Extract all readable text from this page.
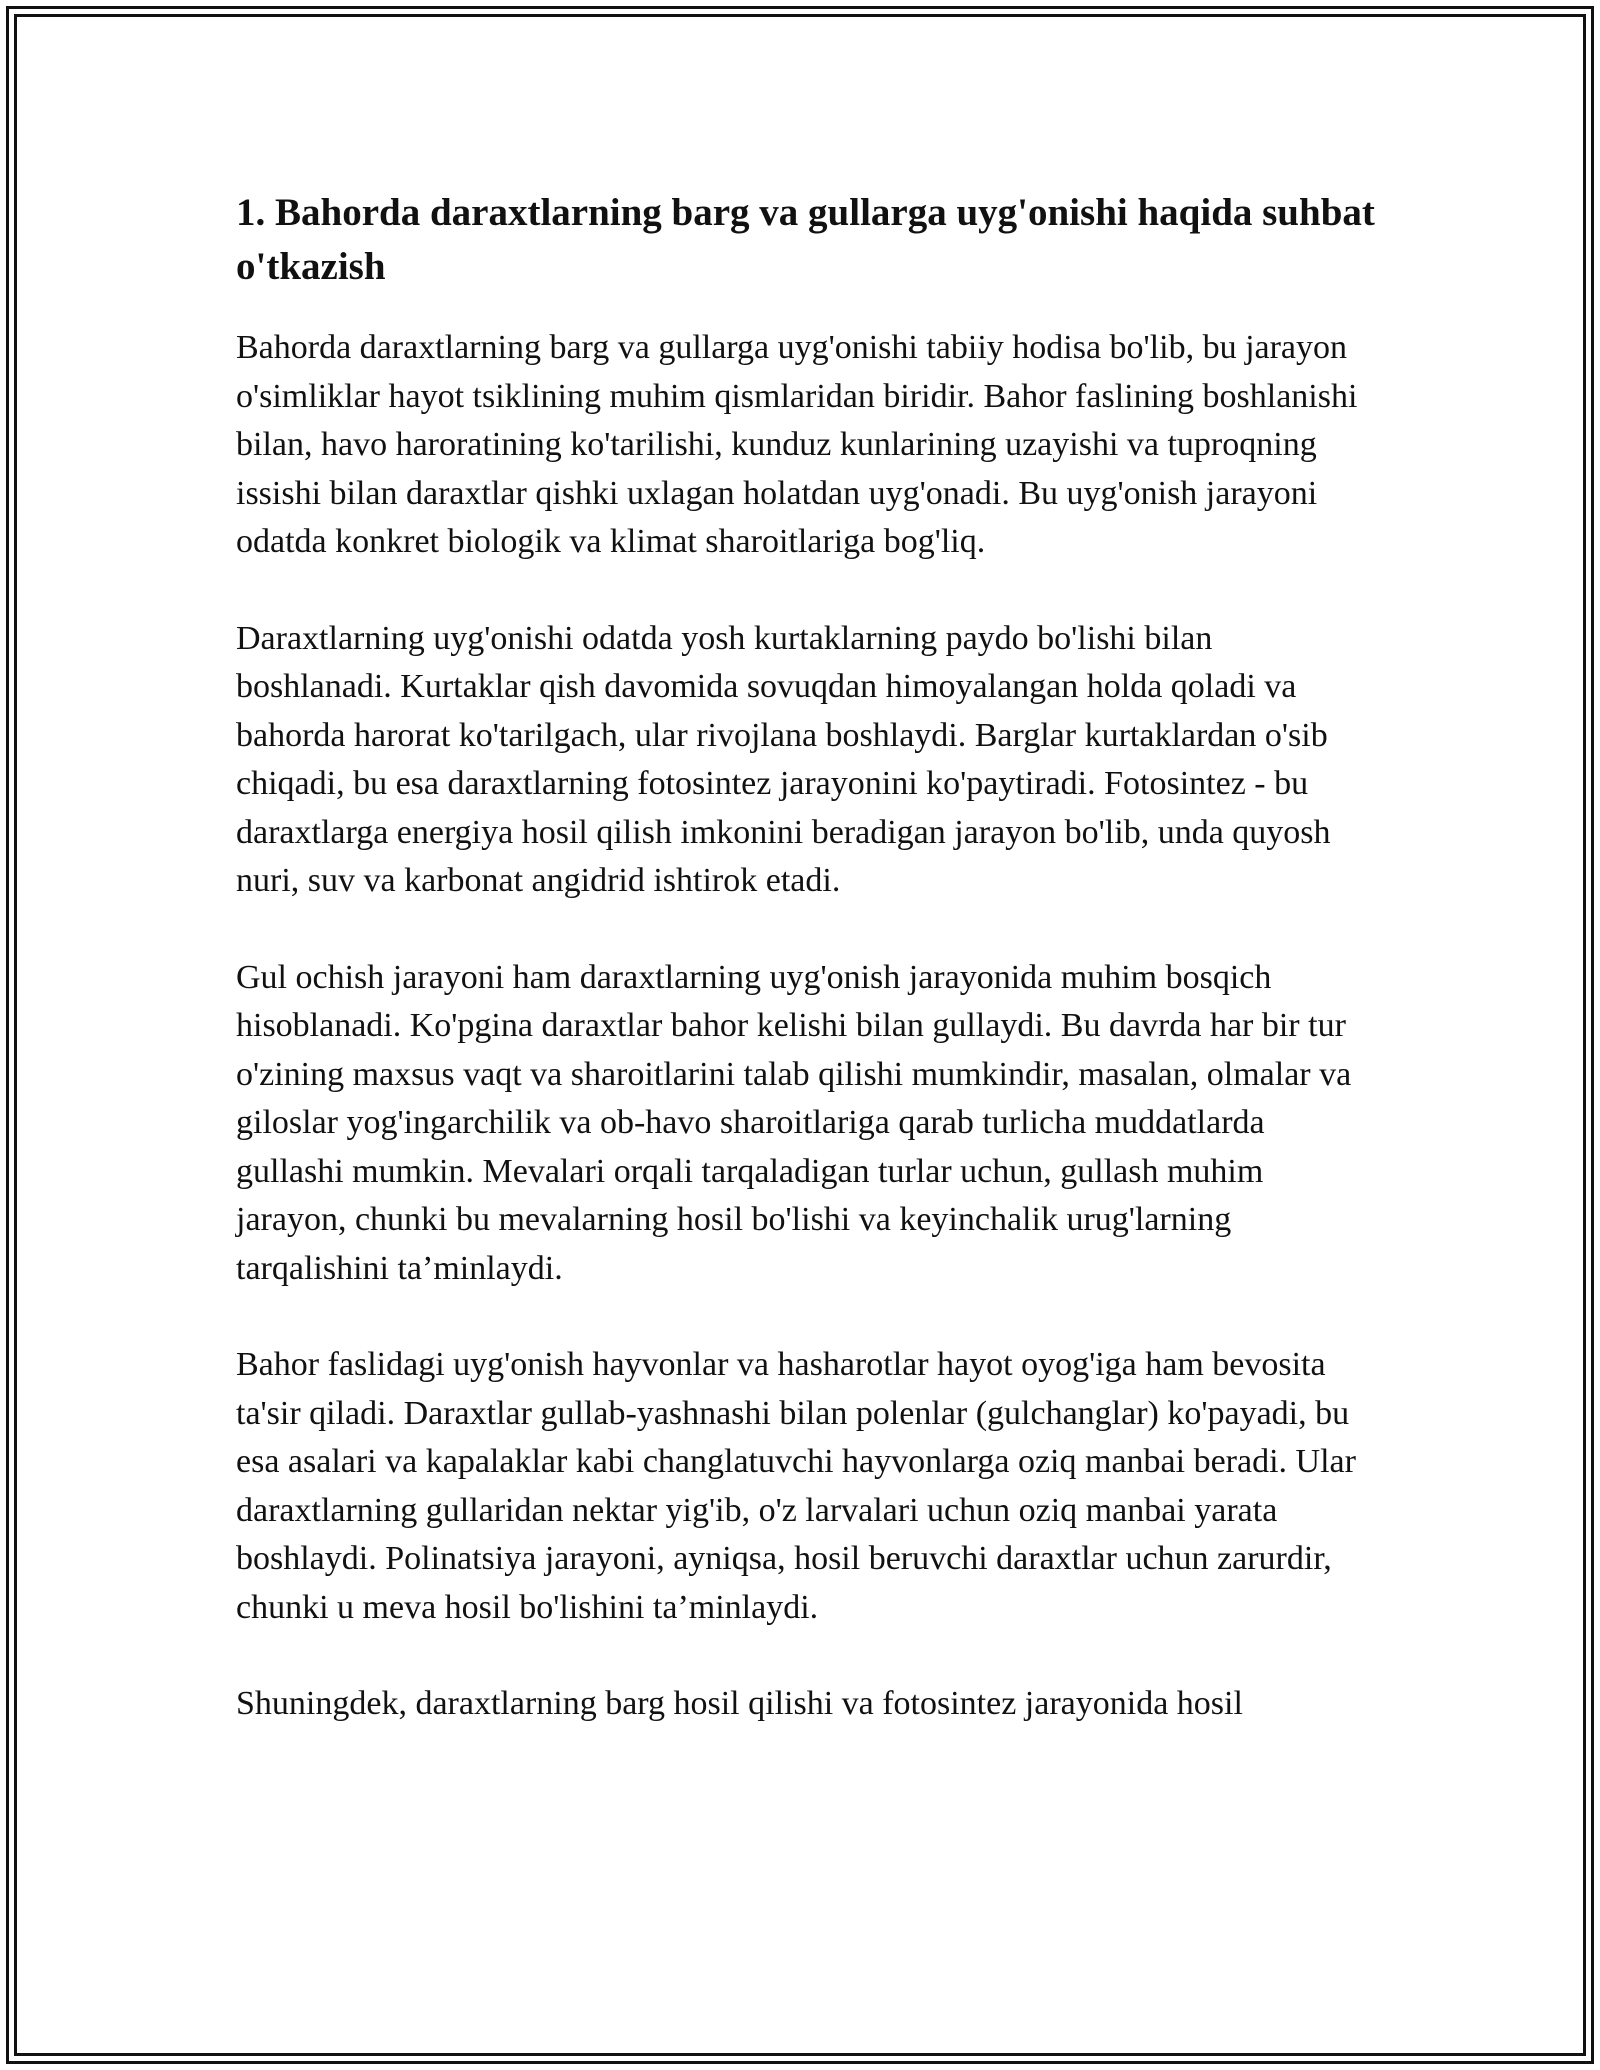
1. Bahorda daraxtlarning barg va gullarga uyg'onishi haqida suhbat o'tkazish

Bahorda daraxtlarning barg va gullarga uyg'onishi tabiiy hodisa bo'lib, bu jarayon o'simliklar hayot tsiklining muhim qismlaridan biridir. Bahor faslining boshlanishi bilan, havo haroratining ko'tarilishi, kunduz kunlarining uzayishi va tuproqning issishi bilan daraxtlar qishki uxlagan holatdan uyg'onadi. Bu uyg'onish jarayoni odatda konkret biologik va klimat sharoitlariga bog'liq.

Daraxtlarning uyg'onishi odatda yosh kurtaklarning paydo bo'lishi bilan boshlanadi. Kurtaklar qish davomida sovuqdan himoyalangan holda qoladi va bahorda harorat ko'tarilgach, ular rivojlana boshlaydi. Barglar kurtaklardan o'sib chiqadi, bu esa daraxtlarning fotosintez jarayonini ko'paytiradi. Fotosintez - bu daraxtlarga energiya hosil qilish imkonini beradigan jarayon bo'lib, unda quyosh nuri, suv va karbonat angidrid ishtirok etadi.

Gul ochish jarayoni ham daraxtlarning uyg'onish jarayonida muhim bosqich hisoblanadi. Ko'pgina daraxtlar bahor kelishi bilan gullaydi. Bu davrda har bir tur o'zining maxsus vaqt va sharoitlarini talab qilishi mumkindir, masalan, olmalar va giloslar yog'ingarchilik va ob-havo sharoitlariga qarab turlicha muddatlarda gullashi mumkin. Mevalari orqali tarqaladigan turlar uchun, gullash muhim jarayon, chunki bu mevalarning hosil bo'lishi va keyinchalik urug'larning tarqalishini ta’minlaydi.

Bahor faslidagi uyg'onish hayvonlar va hasharotlar hayot oyog'iga ham bevosita ta'sir qiladi. Daraxtlar gullab-yashnashi bilan polenlar (gulchanglar) ko'payadi, bu esa asalari va kapalaklar kabi changlatuvchi hayvonlarga oziq manbai beradi. Ular daraxtlarning gullaridan nektar yig'ib, o'z larvalari uchun oziq manbai yarata boshlaydi. Polinatsiya jarayoni, ayniqsa, hosil beruvchi daraxtlar uchun zarurdir, chunki u meva hosil bo'lishini ta’minlaydi.

Shuningdek, daraxtlarning barg hosil qilishi va fotosintez jarayonida hosil
